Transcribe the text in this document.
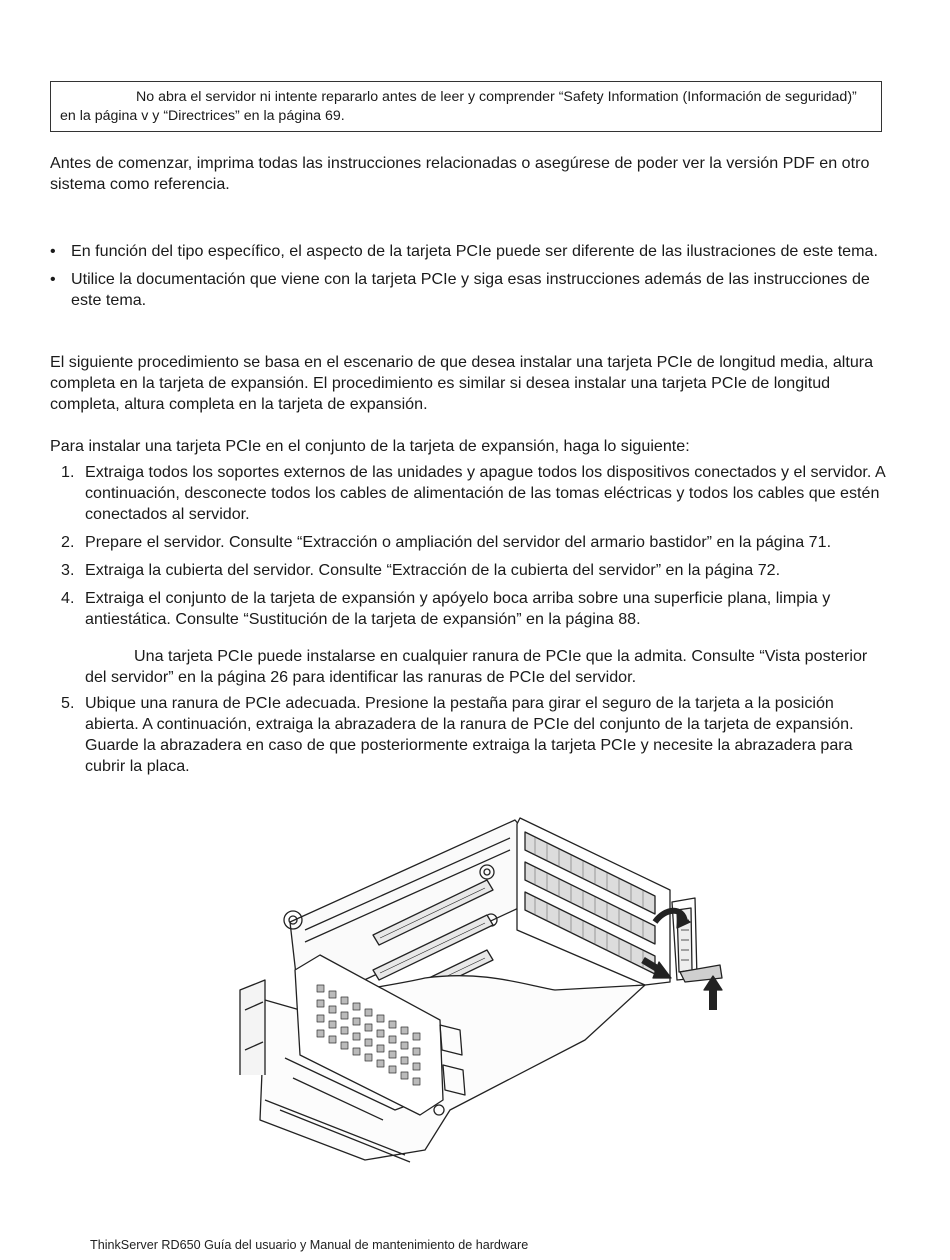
No abra el servidor ni intente repararlo antes de leer y comprender “Safety Information (Información de seguridad)” en la página v y “Directrices” en la página 69.

Antes de comenzar, imprima todas las instrucciones relacionadas o asegúrese de poder ver la versión PDF en otro sistema como referencia.

• En función del tipo específico, el aspecto de la tarjeta PCIe puede ser diferente de las ilustraciones de este tema.
• Utilice la documentación que viene con la tarjeta PCIe y siga esas instrucciones además de las instrucciones de este tema.

El siguiente procedimiento se basa en el escenario de que desea instalar una tarjeta PCIe de longitud media, altura completa en la tarjeta de expansión. El procedimiento es similar si desea instalar una tarjeta PCIe de longitud completa, altura completa en la tarjeta de expansión.

Para instalar una tarjeta PCIe en el conjunto de la tarjeta de expansión, haga lo siguiente:

1. Extraiga todos los soportes externos de las unidades y apague todos los dispositivos conectados y el servidor. A continuación, desconecte todos los cables de alimentación de las tomas eléctricas y todos los cables que estén conectados al servidor.
2. Prepare el servidor. Consulte “Extracción o ampliación del servidor del armario bastidor” en la página 71.
3. Extraiga la cubierta del servidor. Consulte “Extracción de la cubierta del servidor” en la página 72.
4. Extraiga el conjunto de la tarjeta de expansión y apóyelo boca arriba sobre una superficie plana, limpia y antiestática. Consulte “Sustitución de la tarjeta de expansión” en la página 88.
Una tarjeta PCIe puede instalarse en cualquier ranura de PCIe que la admita. Consulte “Vista posterior del servidor” en la página 26 para identificar las ranuras de PCIe del servidor.
5. Ubique una ranura de PCIe adecuada. Presione la pestaña para girar el seguro de la tarjeta a la posición abierta. A continuación, extraiga la abrazadera de la ranura de PCIe del conjunto de la tarjeta de expansión. Guarde la abrazadera en caso de que posteriormente extraiga la tarjeta PCIe y necesite la abrazadera para cubrir la placa.
ThinkServer RD650 Guía del usuario y Manual de mantenimiento de hardware
